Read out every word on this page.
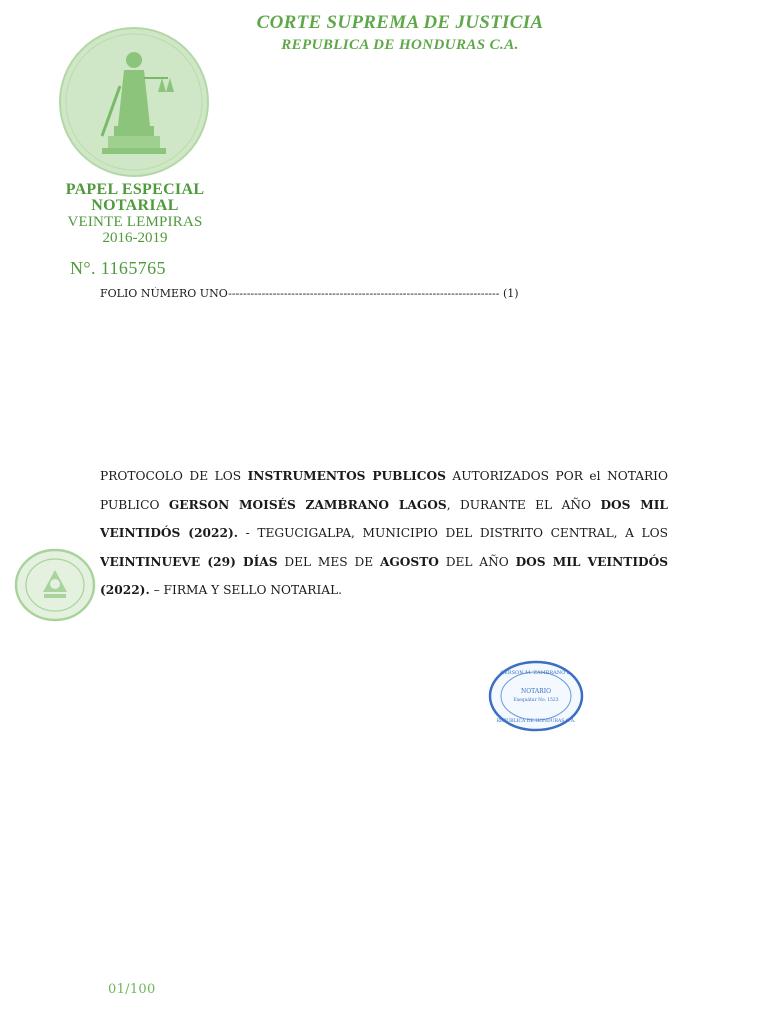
CORTE SUPREMA DE JUSTICIA
REPUBLICA DE HONDURAS C.A.
PAPEL ESPECIAL
NOTARIAL
VEINTE LEMPIRAS
2016-2019
N°. 1165765
FOLIO NÚMERO UNO------------------------------------------------------------------------- (1)
PROTOCOLO DE LOS INSTRUMENTOS PUBLICOS AUTORIZADOS POR el NOTARIO PUBLICO GERSON MOISÉS ZAMBRANO LAGOS, DURANTE EL AÑO DOS MIL VEINTIDÓS (2022). - TEGUCIGALPA, MUNICIPIO DEL DISTRITO CENTRAL, A LOS VEINTINUEVE (29) DÍAS DEL MES DE AGOSTO DEL AÑO DOS MIL VEINTIDÓS (2022). – FIRMA Y SELLO NOTARIAL.
GERSON M. ZAMBRANO L.
NOTARIO
Exequátur No. 1523
REPUBLICA DE HONDURAS C.A.
01/100
